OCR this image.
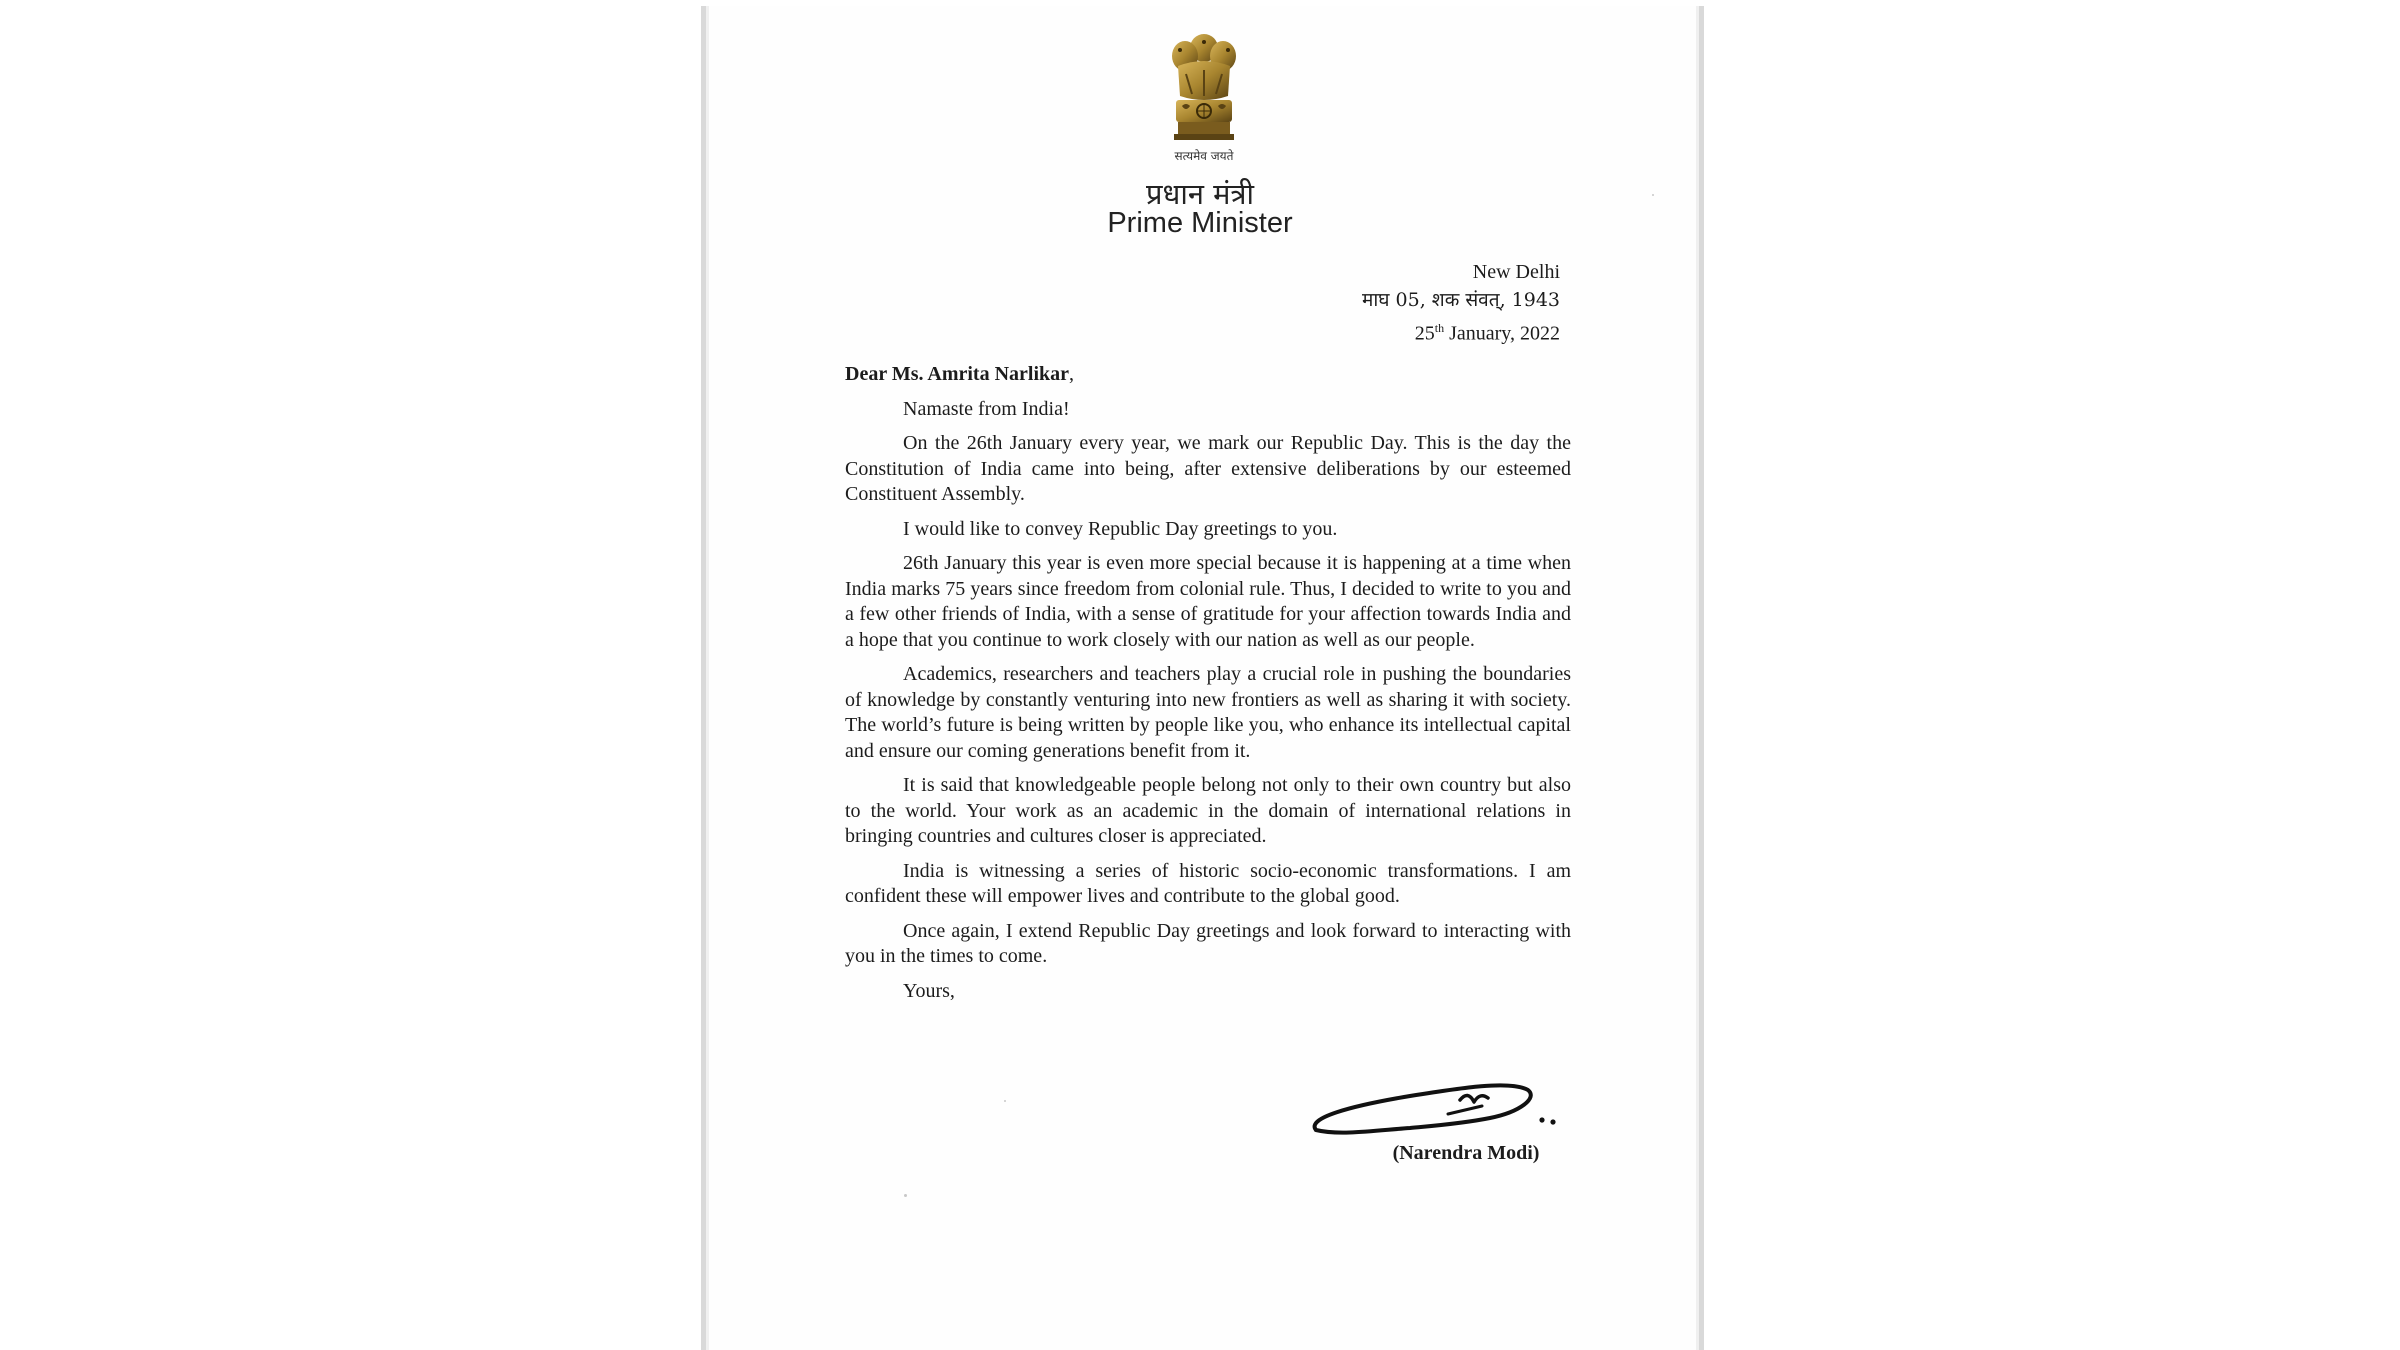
सत्यमेव जयते
प्रधान मंत्री
Prime Minister
New Delhi
माघ 05, शक संवत्, 1943
25th January, 2022

Dear Ms. Amrita Narlikar,

Namaste from India!

On the 26th January every year, we mark our Republic Day. This is the day the Constitution of India came into being, after extensive deliberations by our esteemed Constituent Assembly.

I would like to convey Republic Day greetings to you.

26th January this year is even more special because it is happening at a time when India marks 75 years since freedom from colonial rule. Thus, I decided to write to you and a few other friends of India, with a sense of gratitude for your affection towards India and a hope that you continue to work closely with our nation as well as our people.

Academics, researchers and teachers play a crucial role in pushing the boundaries of knowledge by constantly venturing into new frontiers as well as sharing it with society. The world’s future is being written by people like you, who enhance its intellectual capital and ensure our coming generations benefit from it.

It is said that knowledgeable people belong not only to their own country but also to the world. Your work as an academic in the domain of international relations in bringing countries and cultures closer is appreciated.

India is witnessing a series of historic socio-economic transformations. I am confident these will empower lives and contribute to the global good.

Once again, I extend Republic Day greetings and look forward to interacting with you in the times to come.

Yours,

(Narendra Modi)
